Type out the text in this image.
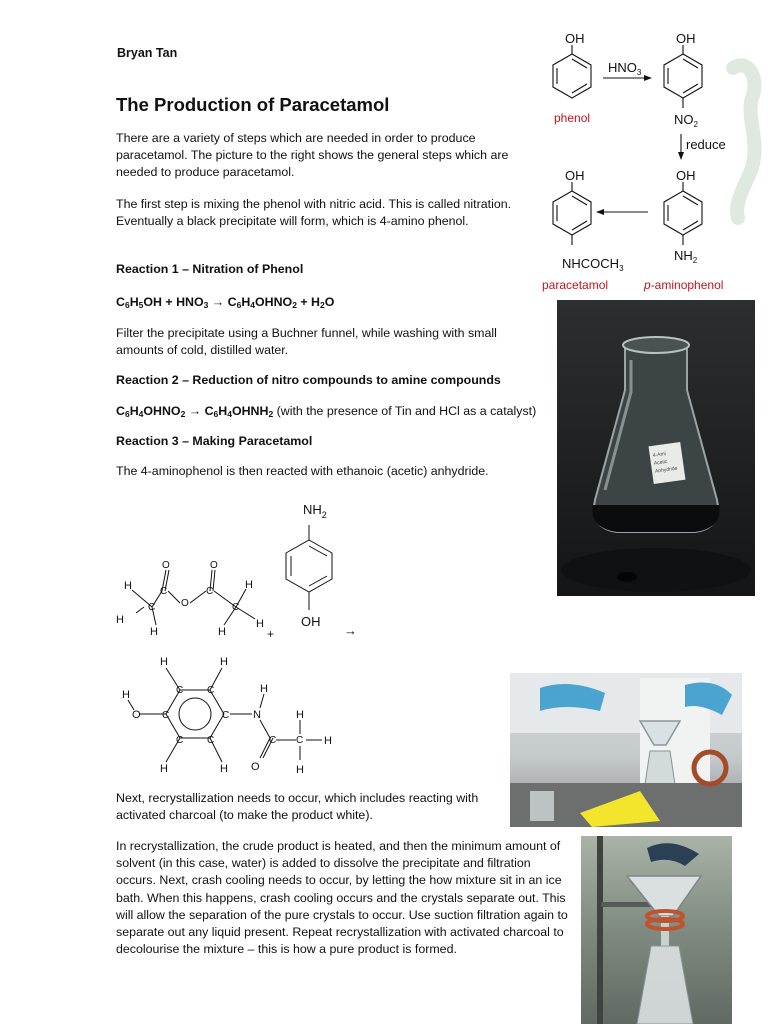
Bryan Tan
The Production of Paracetamol
There are a variety of steps which are needed in order to produce paracetamol. The picture to the right shows the general steps which are needed to produce paracetamol.
The first step is mixing the phenol with nitric acid. This is called nitration. Eventually a black precipitate will form, which is 4-amino phenol.
Reaction 1 – Nitration of Phenol
$C_6H_5OH + HNO_3$ → $C_6H_4OHNO_2 + H_2O$
Filter the precipitate using a Buchner funnel, while washing with small amounts of cold, distilled water.
Reaction 2 – Reduction of nitro compounds to amine compounds
$C_6H_4OHNO_2$ → $C_6H_4OHNH_2$ (with the presence of Tin and HCl as a catalyst)
Reaction 3 – Making Paracetamol
The 4-aminophenol is then reacted with ethanoic (acetic) anhydride.
Next, recrystallization needs to occur, which includes reacting with activated charcoal (to make the product white).
In recrystallization, the crude product is heated, and then the minimum amount of solvent (in this case, water) is added to dissolve the precipitate and filtration occurs. Next, crash cooling needs to occur, by letting the how mixture sit in an ice bath. When this happens, crash cooling occurs and the crystals separate out. This will allow the separation of the pure crystals to occur. Use suction filtration again to separate out any liquid present. Repeat recrystallization with activated charcoal to decolourise the mixture – this is how a pure product is formed.
OH	OH
$HNO_3$
$NO_2$
reduce
OH
OH
$NH_2$
$NHCOCH_3$
phenol
paracetamol	p-aminophenol
4-Ami
Acetic
Anhydride
H
H
H
C
C
O
O
C
O
C
H
H
H
+
$NH_2$
OH
→
H
O
H	H
C C
C
C
C C
H	H
N
H
C
O
C
H
H
H
